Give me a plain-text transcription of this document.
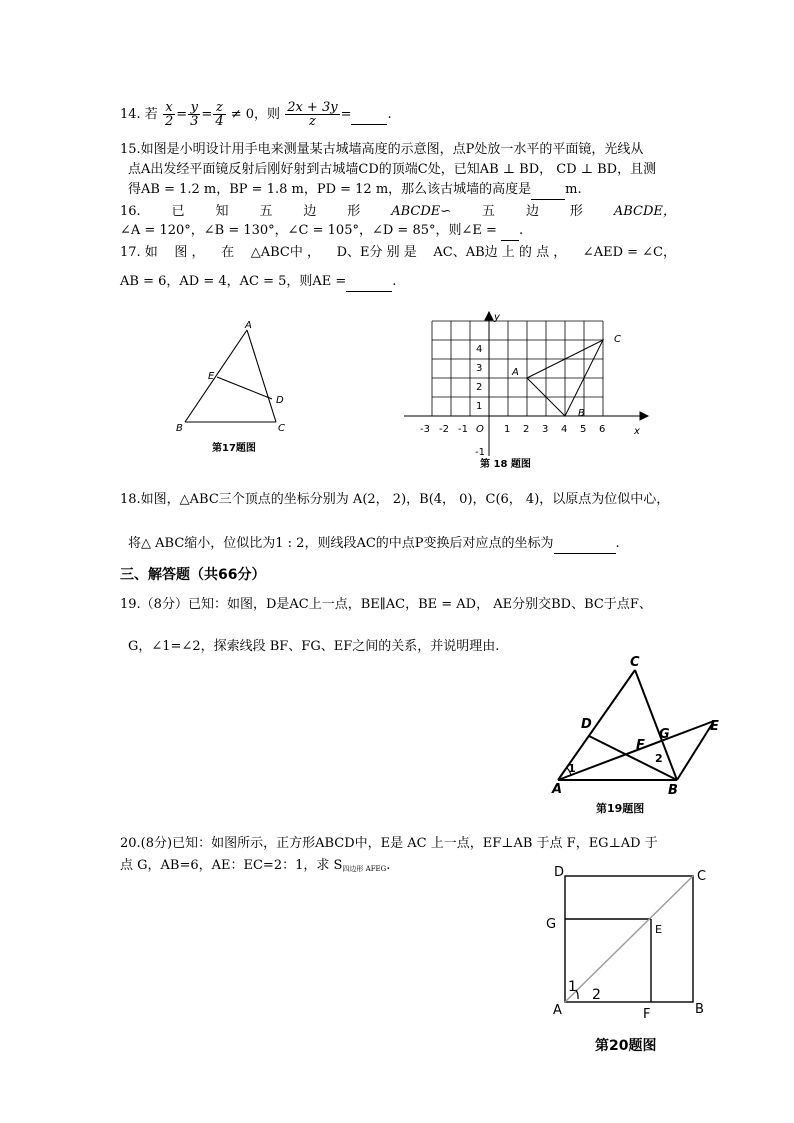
14. 若 $\frac{x}{2} = \frac{y}{3} = \frac{z}{4} \ne 0$，则 $\frac{2x + 3y}{z}$ =	.
15.如图是小明设计用手电来测量某古城墙高度的示意图，点P处放一水平的平面镜，光线从
点A出发经平面镜反射后刚好射到古城墙CD的顶端C处，已知AB ⊥ BD， CD ⊥ BD，且测
得AB = 1.2 m，BP = 1.8 m，PD = 12 m，那么该古城墙的高度是	m.
16. 已 知 五 边 形 ABCDE∽ 五 边 形 ABCDE，
∠A = 120°，∠B = 130°，∠C = 105°，∠D = 85°，则∠E = .
17. 如 图 ， 在 △ABC中 ， D、E分 别 是 AC、AB边 上 的 点 ， ∠AED = ∠C，
AB = 6，AD = 4，AC = 5，则AE =	.
A
B	C
D
E
第17题图
-3 -2 -1	1 2 3 4 5 6
1
2
3
4
-1
O	x
y
A
B
C
第 18 题图
18.如图，△ABC三个顶点的坐标分别为 A(2， 2)，B(4， 0)，C(6， 4)，以原点为位似中心，
将△ ABC缩小，位似比为1 : 2，则线段AC的中点P变换后对应点的坐标为	.
三、解答题（共66分）
19.（8分）已知：如图，D是AC上一点，BE∥AC，BE = AD， AE分别交BD、BC于点F、
G，∠1=∠2，探索线段 BF、FG、EF之间的关系，并说明理由.
C
D	E
F
G
A	B
1
2
第19题图
20.(8分)已知：如图所示，正方形ABCD中，E是 AC 上一点，EF⊥AB 于点 F，EG⊥AD 于
点 G，AB=6，AE：EC=2：1，求 S四边形 AFEG.	D	C
G	E
A	F	B
1 2
第20题图
